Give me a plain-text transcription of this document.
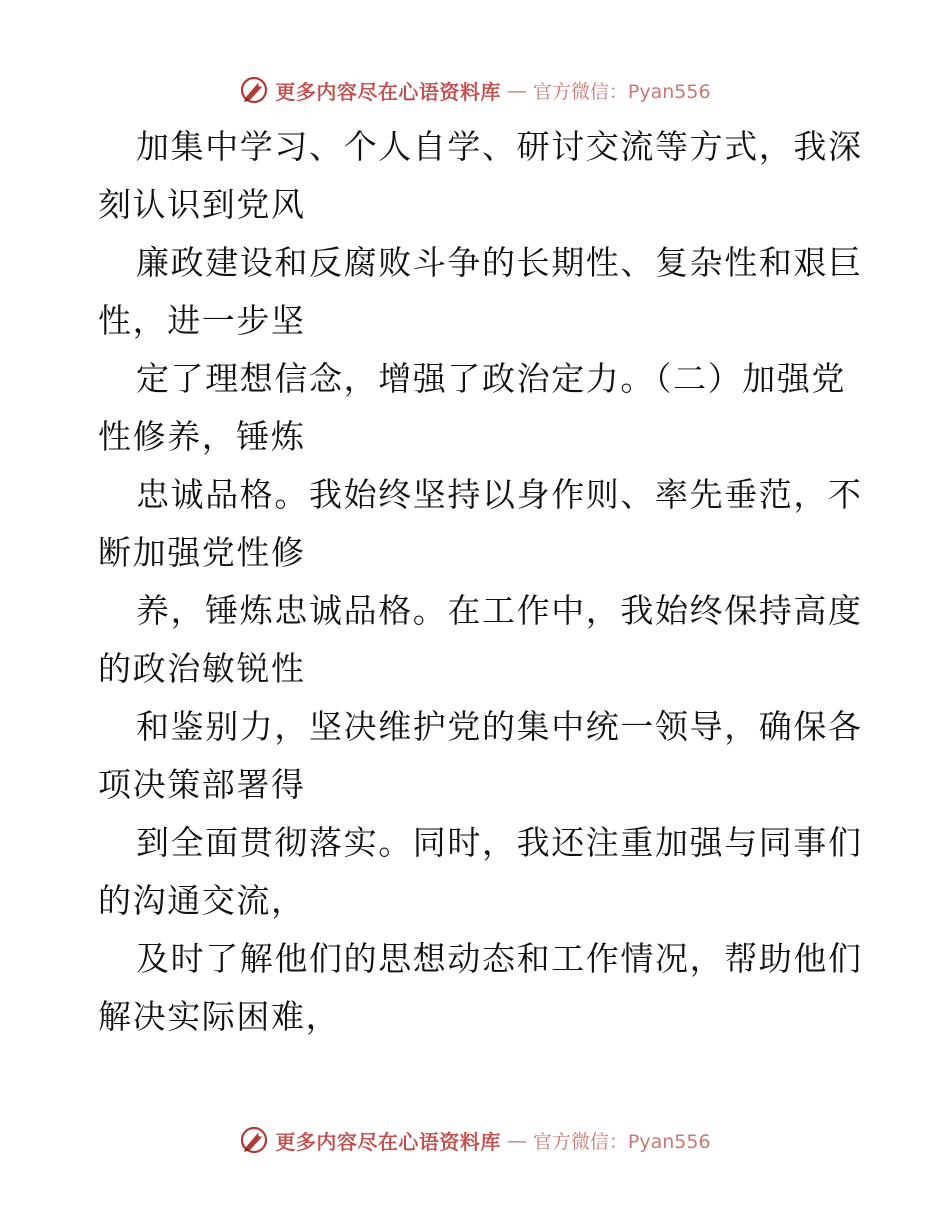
更多内容尽在心语资料库 — 官方微信：Pyan556

加集中学习、个人自学、研讨交流等方式，我深
刻认识到党风

廉政建设和反腐败斗争的长期性、复杂性和艰巨
性，进一步坚

定了理想信念，增强了政治定力。（二）加强党
性修养，锤炼

忠诚品格。我始终坚持以身作则、率先垂范，不
断加强党性修

养，锤炼忠诚品格。在工作中，我始终保持高度
的政治敏锐性

和鉴别力，坚决维护党的集中统一领导，确保各
项决策部署得

到全面贯彻落实。同时，我还注重加强与同事们
的沟通交流，

及时了解他们的思想动态和工作情况，帮助他们
解决实际困难，

更多内容尽在心语资料库 — 官方微信：Pyan556
